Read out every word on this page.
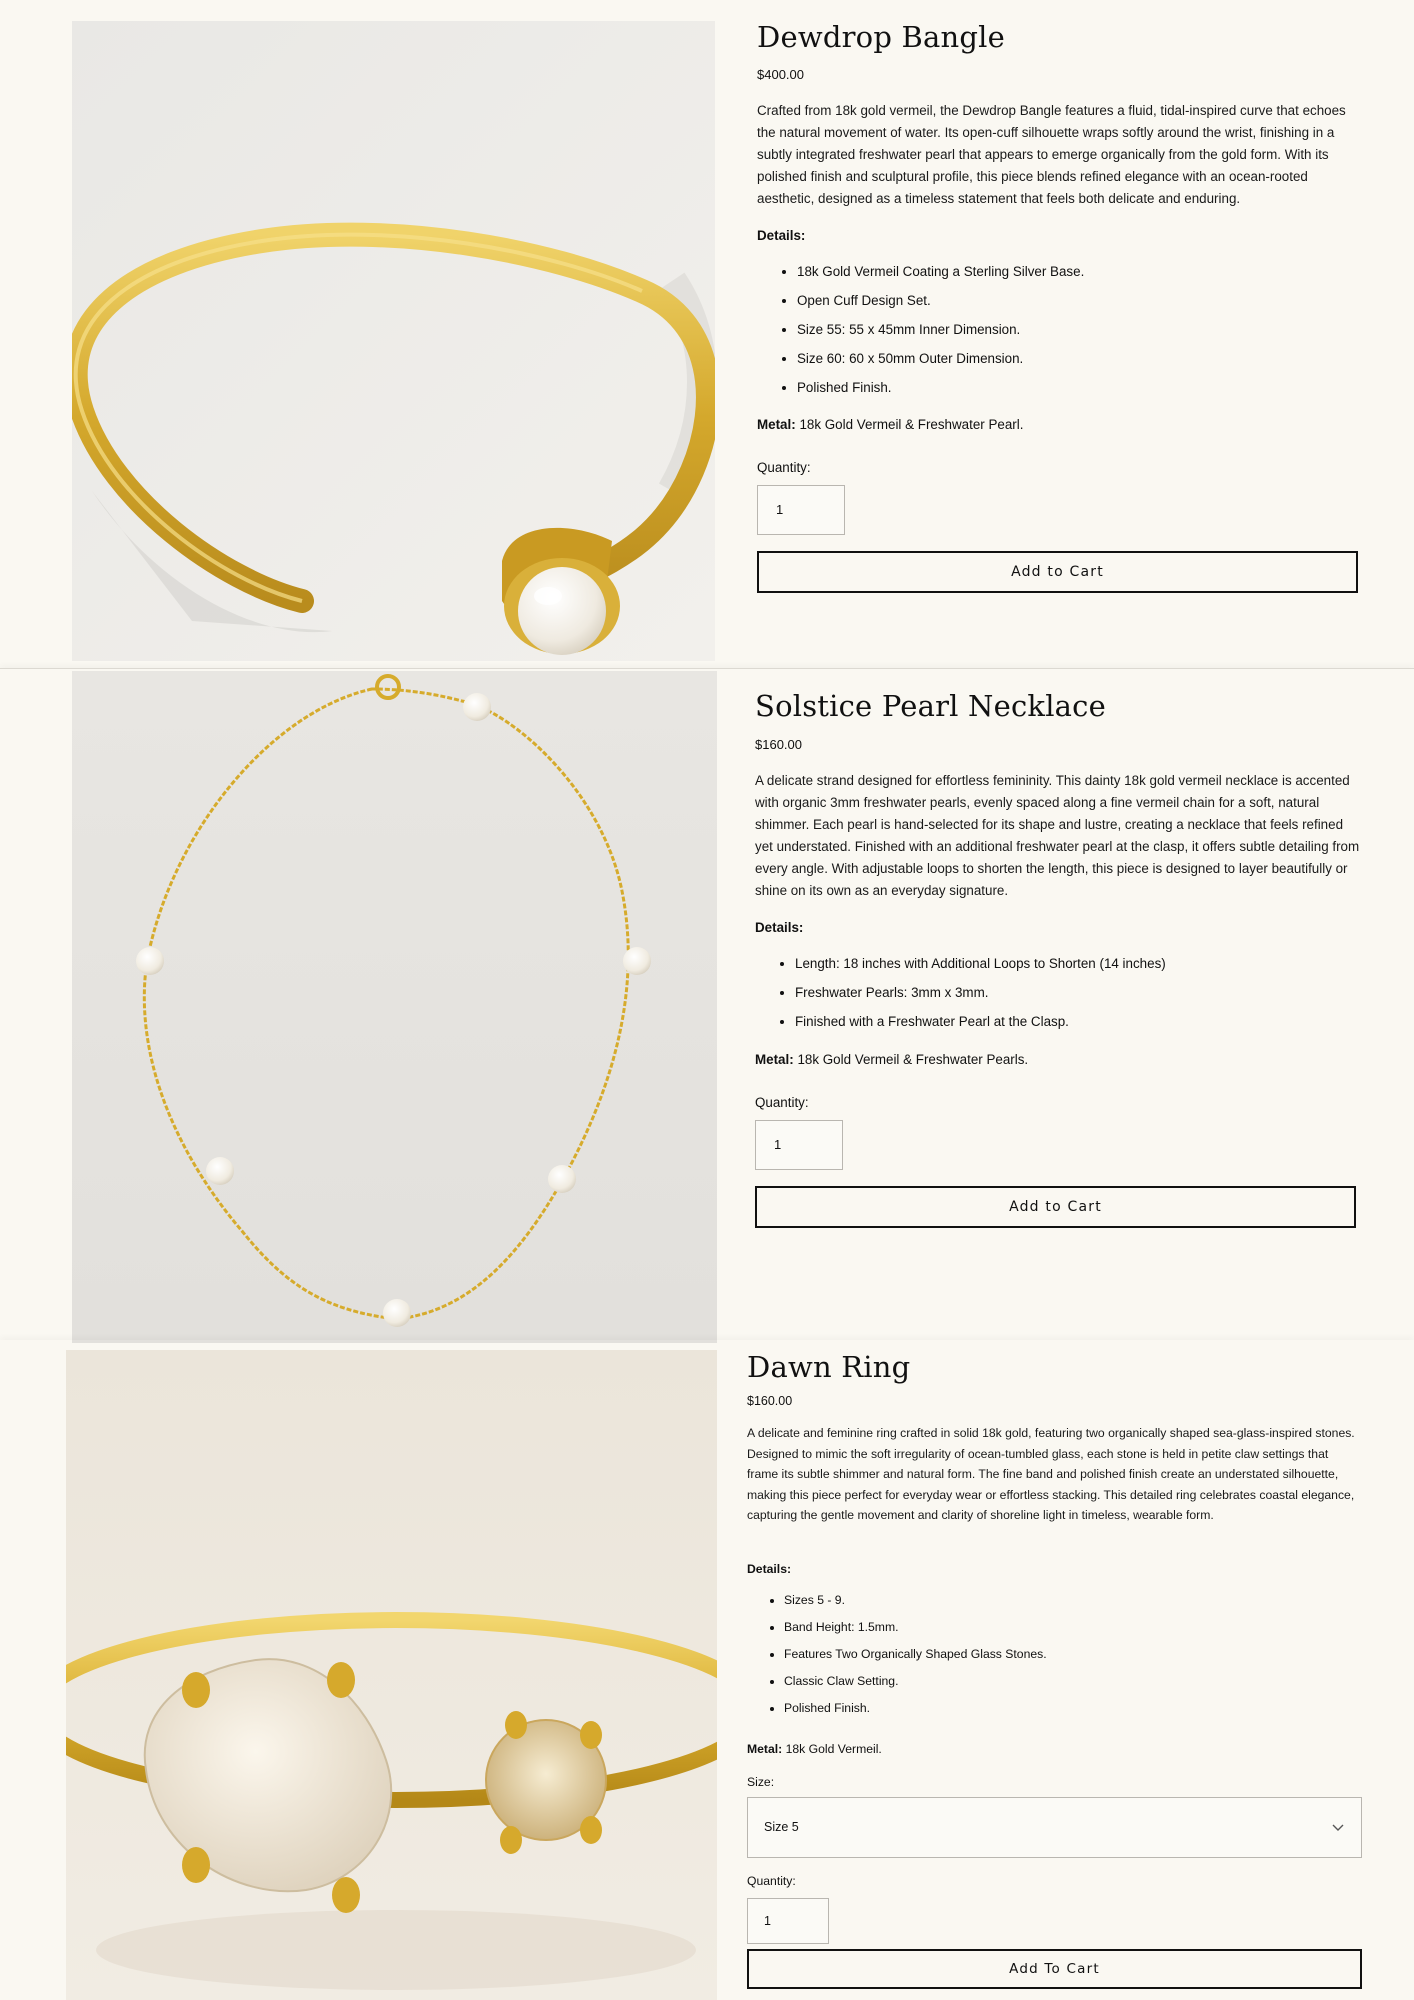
Dewdrop Bangle

$400.00

Crafted from 18k gold vermeil, the Dewdrop Bangle features a fluid, tidal-inspired curve that echoes the natural movement of water. Its open-cuff silhouette wraps softly around the wrist, finishing in a subtly integrated freshwater pearl that appears to emerge organically from the gold form. With its polished finish and sculptural profile, this piece blends refined elegance with an ocean-rooted aesthetic, designed as a timeless statement that feels both delicate and enduring.

Details:

• 18k Gold Vermeil Coating a Sterling Silver Base.
• Open Cuff Design Set.
• Size 55: 55 x 45mm Inner Dimension.
• Size 60: 60 x 50mm Outer Dimension.
• Polished Finish.

Metal: 18k Gold Vermeil & Freshwater Pearl.

Quantity:

1
Add to Cart
Solstice Pearl Necklace

$160.00

A delicate strand designed for effortless femininity. This dainty 18k gold vermeil necklace is accented with organic 3mm freshwater pearls, evenly spaced along a fine vermeil chain for a soft, natural shimmer. Each pearl is hand-selected for its shape and lustre, creating a necklace that feels refined yet understated. Finished with an additional freshwater pearl at the clasp, it offers subtle detailing from every angle. With adjustable loops to shorten the length, this piece is designed to layer beautifully or shine on its own as an everyday signature.

Details:

• Length: 18 inches with Additional Loops to Shorten (14 inches)
• Freshwater Pearls: 3mm x 3mm.
• Finished with a Freshwater Pearl at the Clasp.

Metal: 18k Gold Vermeil & Freshwater Pearls.

Quantity:

1
Add to Cart
Dawn Ring

$160.00

A delicate and feminine ring crafted in solid 18k gold, featuring two organically shaped sea-glass-inspired stones. Designed to mimic the soft irregularity of ocean-tumbled glass, each stone is held in petite claw settings that frame its subtle shimmer and natural form. The fine band and polished finish create an understated silhouette, making this piece perfect for everyday wear or effortless stacking. This detailed ring celebrates coastal elegance, capturing the gentle movement and clarity of shoreline light in timeless, wearable form.

Details:

• Sizes 5 - 9.
• Band Height: 1.5mm.
• Features Two Organically Shaped Glass Stones.
• Classic Claw Setting.
• Polished Finish.

Metal: 18k Gold Vermeil.

Size:

Size 5

Quantity:

1
Add To Cart
